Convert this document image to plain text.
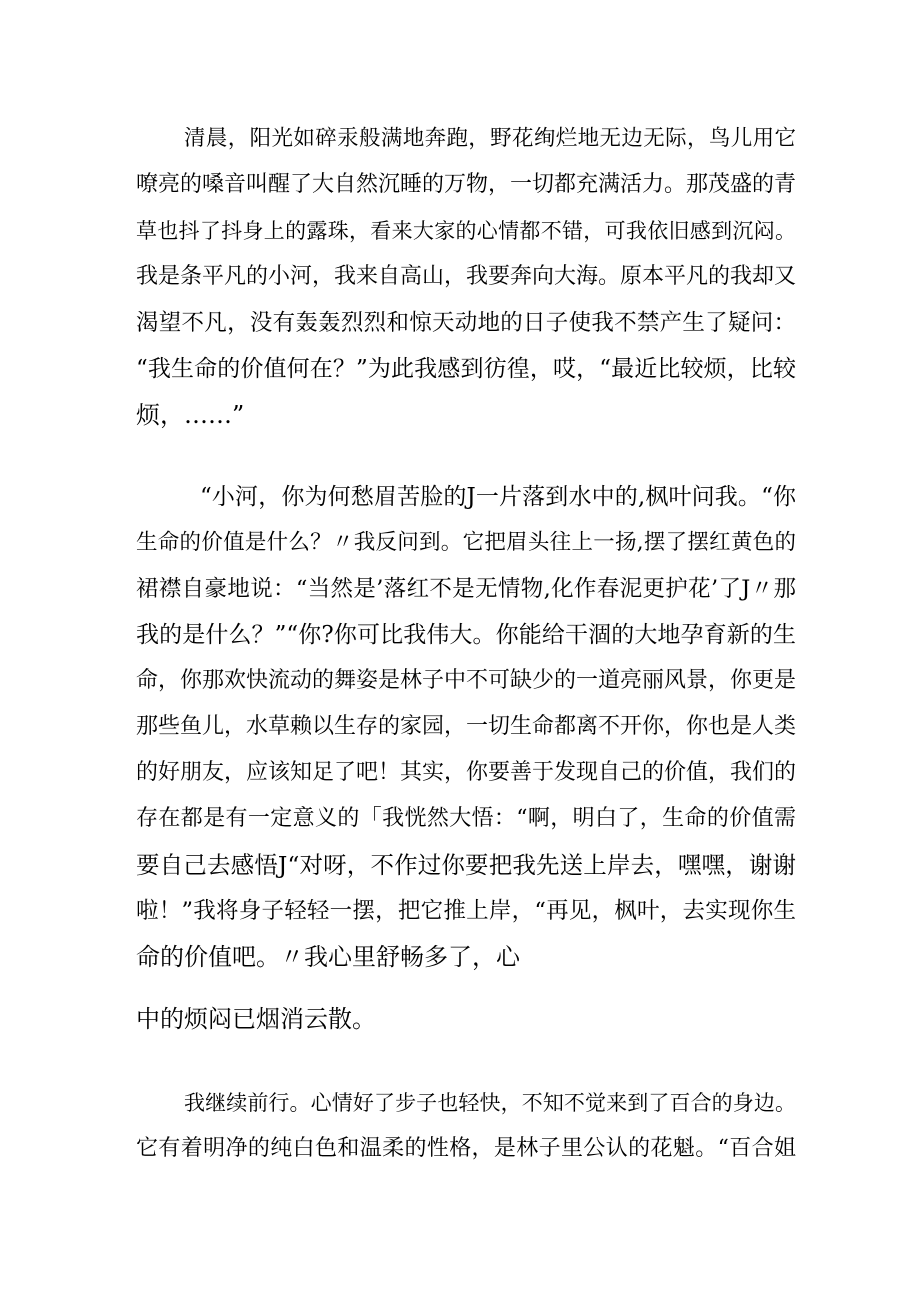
清晨，阳光如碎汞般满地奔跑，野花绚烂地无边无际，鸟儿用它
嘹亮的嗓音叫醒了大自然沉睡的万物，一切都充满活力。那茂盛的青
草也抖了抖身上的露珠，看来大家的心情都不错，可我依旧感到沉闷。
我是条平凡的小河，我来自高山，我要奔向大海。原本平凡的我却又
渴望不凡，没有轰轰烈烈和惊天动地的日子使我不禁产生了疑问：
“我生命的价值何在？”为此我感到彷徨，哎，“最近比较烦，比较
烦，……”
“小河，你为何愁眉苦脸的J一片落到水中的,枫叶问我。“你
生命的价值是什么？〃我反问到。它把眉头往上一扬,摆了摆红黄色的
裙襟自豪地说：“当然是’落红不是无情物,化作春泥更护花’了J〃那
我的是什么？”“你?你可比我伟大。你能给干涸的大地孕育新的生
命，你那欢快流动的舞姿是林子中不可缺少的一道亮丽风景，你更是
那些鱼儿，水草赖以生存的家园，一切生命都离不开你，你也是人类
的好朋友，应该知足了吧！其实，你要善于发现自己的价值，我们的
存在都是有一定意义的「我恍然大悟：“啊，明白了，生命的价值需
要自己去感悟J“对呀，不作过你要把我先送上岸去，嘿嘿，谢谢
啦！”我将身子轻轻一摆，把它推上岸，“再见，枫叶，去实现你生
命的价值吧。〃我心里舒畅多了，心
中的烦闷已烟消云散。
我继续前行。心情好了步子也轻快，不知不觉来到了百合的身边。
它有着明净的纯白色和温柔的性格，是林子里公认的花魁。“百合姐
